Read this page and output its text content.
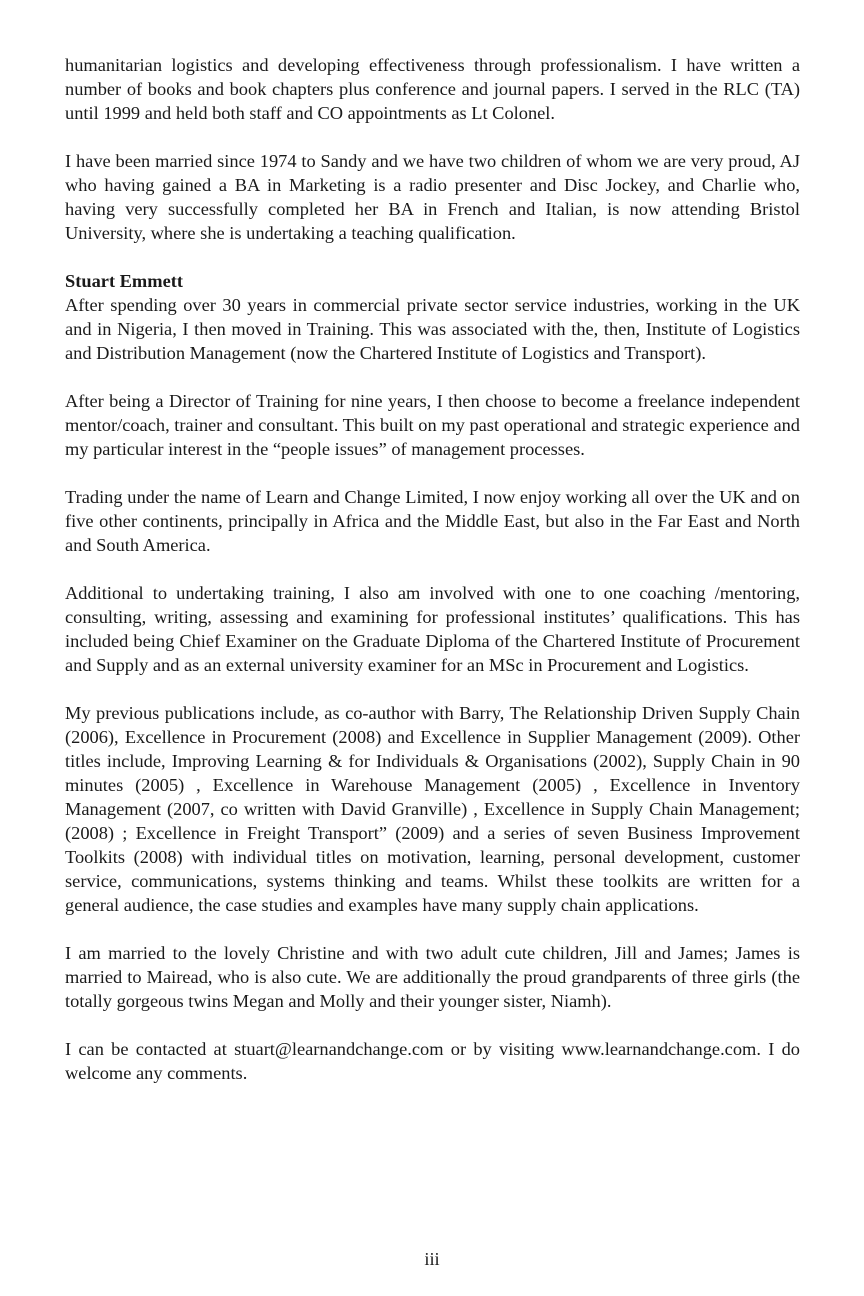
humanitarian logistics and developing effectiveness through professionalism. I have written a number of books and book chapters plus conference and journal papers. I served in the RLC (TA) until 1999 and held both staff and CO appointments as Lt Colonel.

I have been married since 1974 to Sandy and we have two children of whom we are very proud, AJ who having gained a BA in Marketing is a radio presenter and Disc Jockey, and Charlie who, having very successfully completed her BA in French and Italian, is now attending Bristol University, where she is undertaking a teaching qualification.

Stuart Emmett

After spending over 30 years in commercial private sector service industries, working in the UK and in Nigeria, I then moved in Training. This was associated with the, then, Institute of Logistics and Distribution Management (now the Chartered Institute of Logistics and Transport).

After being a Director of Training for nine years, I then choose to become a freelance independent mentor/coach, trainer and consultant. This built on my past operational and strategic experience and my particular interest in the “people issues” of management processes.

Trading under the name of Learn and Change Limited, I now enjoy working all over the UK and on five other continents, principally in Africa and the Middle East, but also in the Far East and North and South America.

Additional to undertaking training, I also am involved with one to one coaching /mentoring, consulting, writing, assessing and examining for professional institutes’ qualifications. This has included being Chief Examiner on the Graduate Diploma of the Chartered Institute of Procurement and Supply and as an external university examiner for an MSc in Procurement and Logistics.

My previous publications include, as co-author with Barry, The Relationship Driven Supply Chain (2006), Excellence in Procurement (2008) and Excellence in Supplier Management (2009). Other titles include, Improving Learning & for Individuals & Organisations (2002), Supply Chain in 90 minutes (2005) , Excellence in Warehouse Management (2005) , Excellence in Inventory Management (2007, co written with David Granville) , Excellence in Supply Chain Management; (2008) ; Excellence in Freight Transport” (2009) and a series of seven Business Improvement Toolkits (2008) with individual titles on motivation, learning, personal development, customer service, communications, systems thinking and teams. Whilst these toolkits are written for a general audience, the case studies and examples have many supply chain applications.

I am married to the lovely Christine and with two adult cute children, Jill and James; James is married to Mairead, who is also cute. We are additionally the proud grandparents of three girls (the totally gorgeous twins Megan and Molly and their younger sister, Niamh).

I can be contacted at stuart@learnandchange.com or by visiting www.learnandchange.com. I do welcome any comments.

iii
